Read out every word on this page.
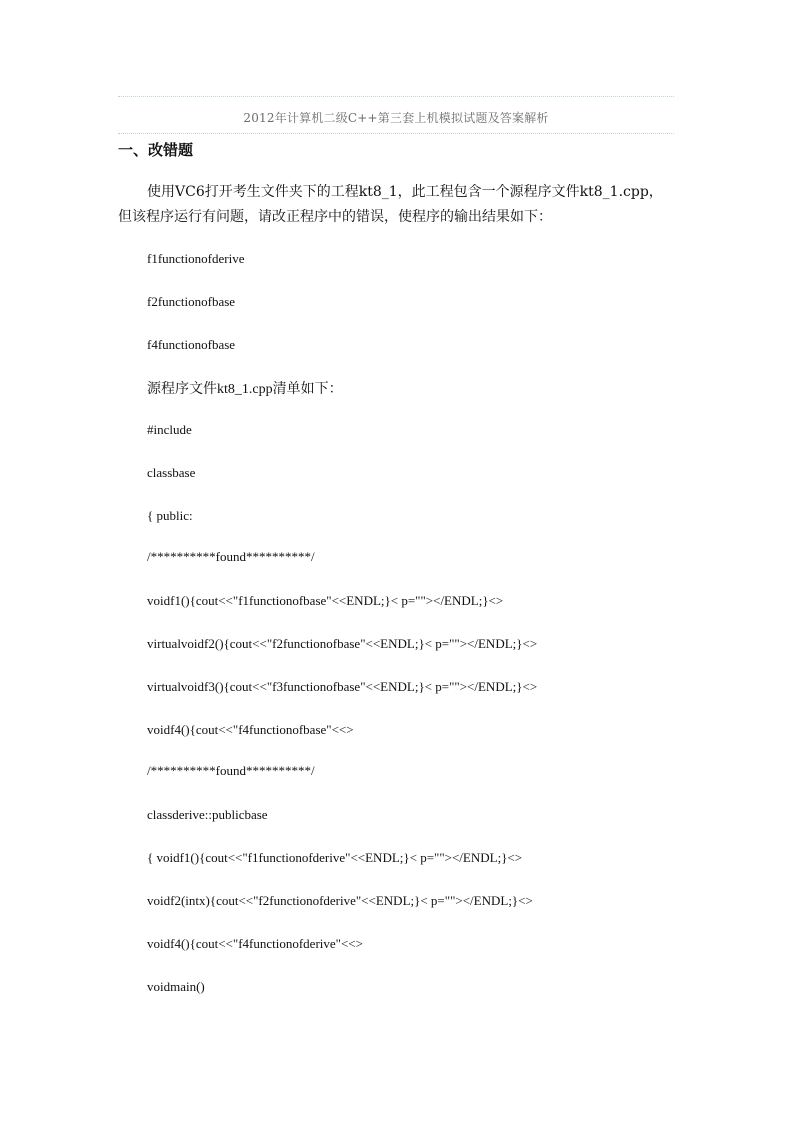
2012年计算机二级C++第三套上机模拟试题及答案解析
一、改错题
使用VC6打开考生文件夹下的工程kt8_1，此工程包含一个源程序文件kt8_1.cpp，但该程序运行有问题，请改正程序中的错误，使程序的输出结果如下：
f1functionofderive
f2functionofbase
f4functionofbase
源程序文件kt8_1.cpp清单如下：
#include
classbase
{ public:
/**********found**********/
voidf1(){cout<<"f1functionofbase"<<ENDL;}< p=""></ENDL;}<>
virtualvoidf2(){cout<<"f2functionofbase"<<ENDL;}< p=""></ENDL;}<>
virtualvoidf3(){cout<<"f3functionofbase"<<ENDL;}< p=""></ENDL;}<>
voidf4(){cout<<"f4functionofbase"<<>
/**********found**********/
classderive::publicbase
{ voidf1(){cout<<"f1functionofderive"<<ENDL;}< p=""></ENDL;}<>
voidf2(intx){cout<<"f2functionofderive"<<ENDL;}< p=""></ENDL;}<>
voidf4(){cout<<"f4functionofderive"<<>
voidmain()
